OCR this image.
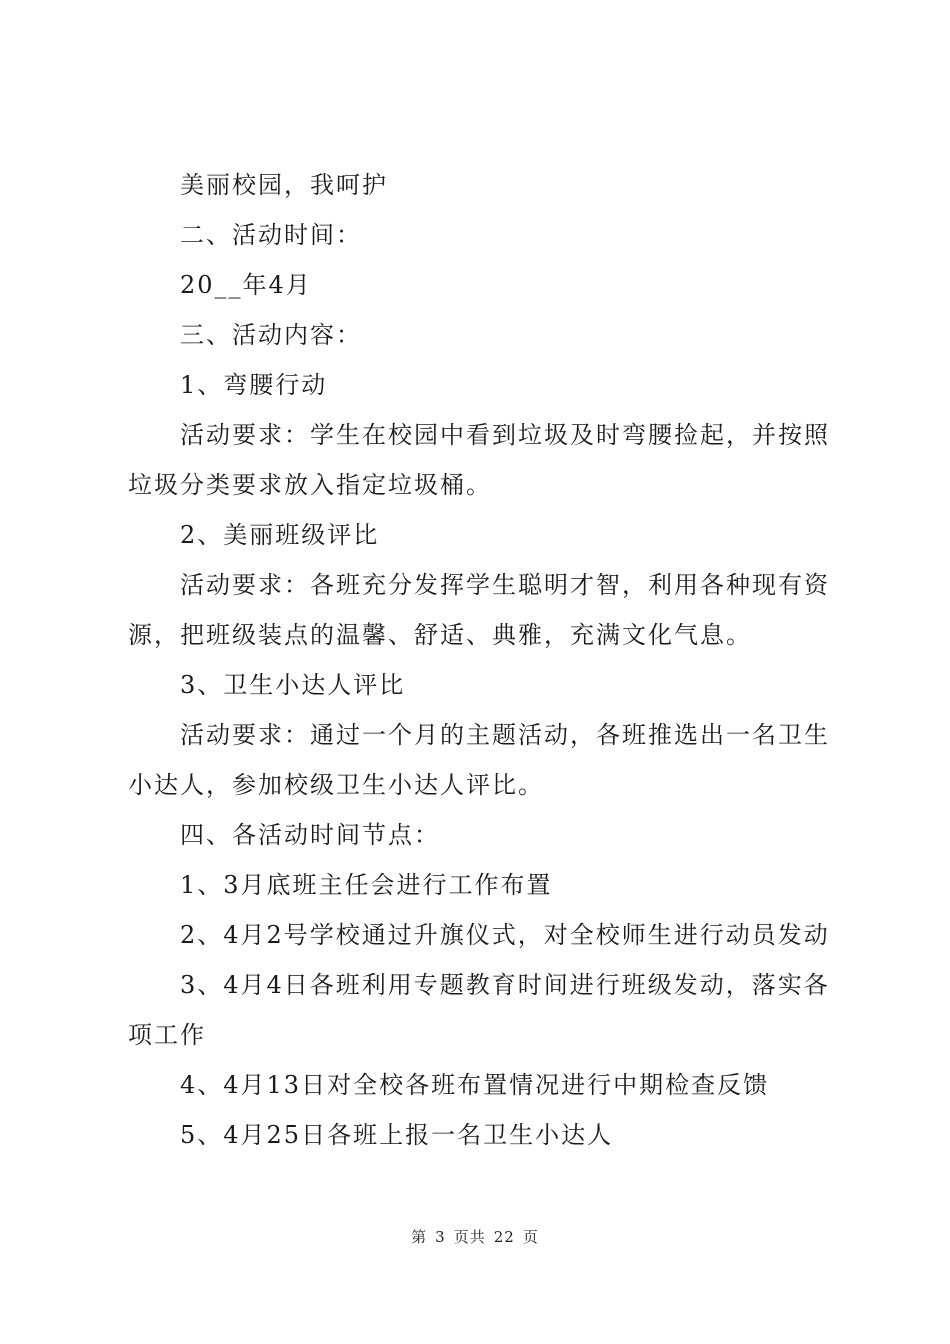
美丽校园，我呵护

二、活动时间：

20__年4月

三、活动内容：

1、弯腰行动

活动要求：学生在校园中看到垃圾及时弯腰捡起，并按照垃圾分类要求放入指定垃圾桶。

2、美丽班级评比

活动要求：各班充分发挥学生聪明才智，利用各种现有资源，把班级装点的温馨、舒适、典雅，充满文化气息。

3、卫生小达人评比

活动要求：通过一个月的主题活动，各班推选出一名卫生小达人，参加校级卫生小达人评比。

四、各活动时间节点：

1、3月底班主任会进行工作布置

2、4月2号学校通过升旗仪式，对全校师生进行动员发动

3、4月4日各班利用专题教育时间进行班级发动，落实各项工作

4、4月13日对全校各班布置情况进行中期检查反馈

5、4月25日各班上报一名卫生小达人

第 3 页共 22 页
